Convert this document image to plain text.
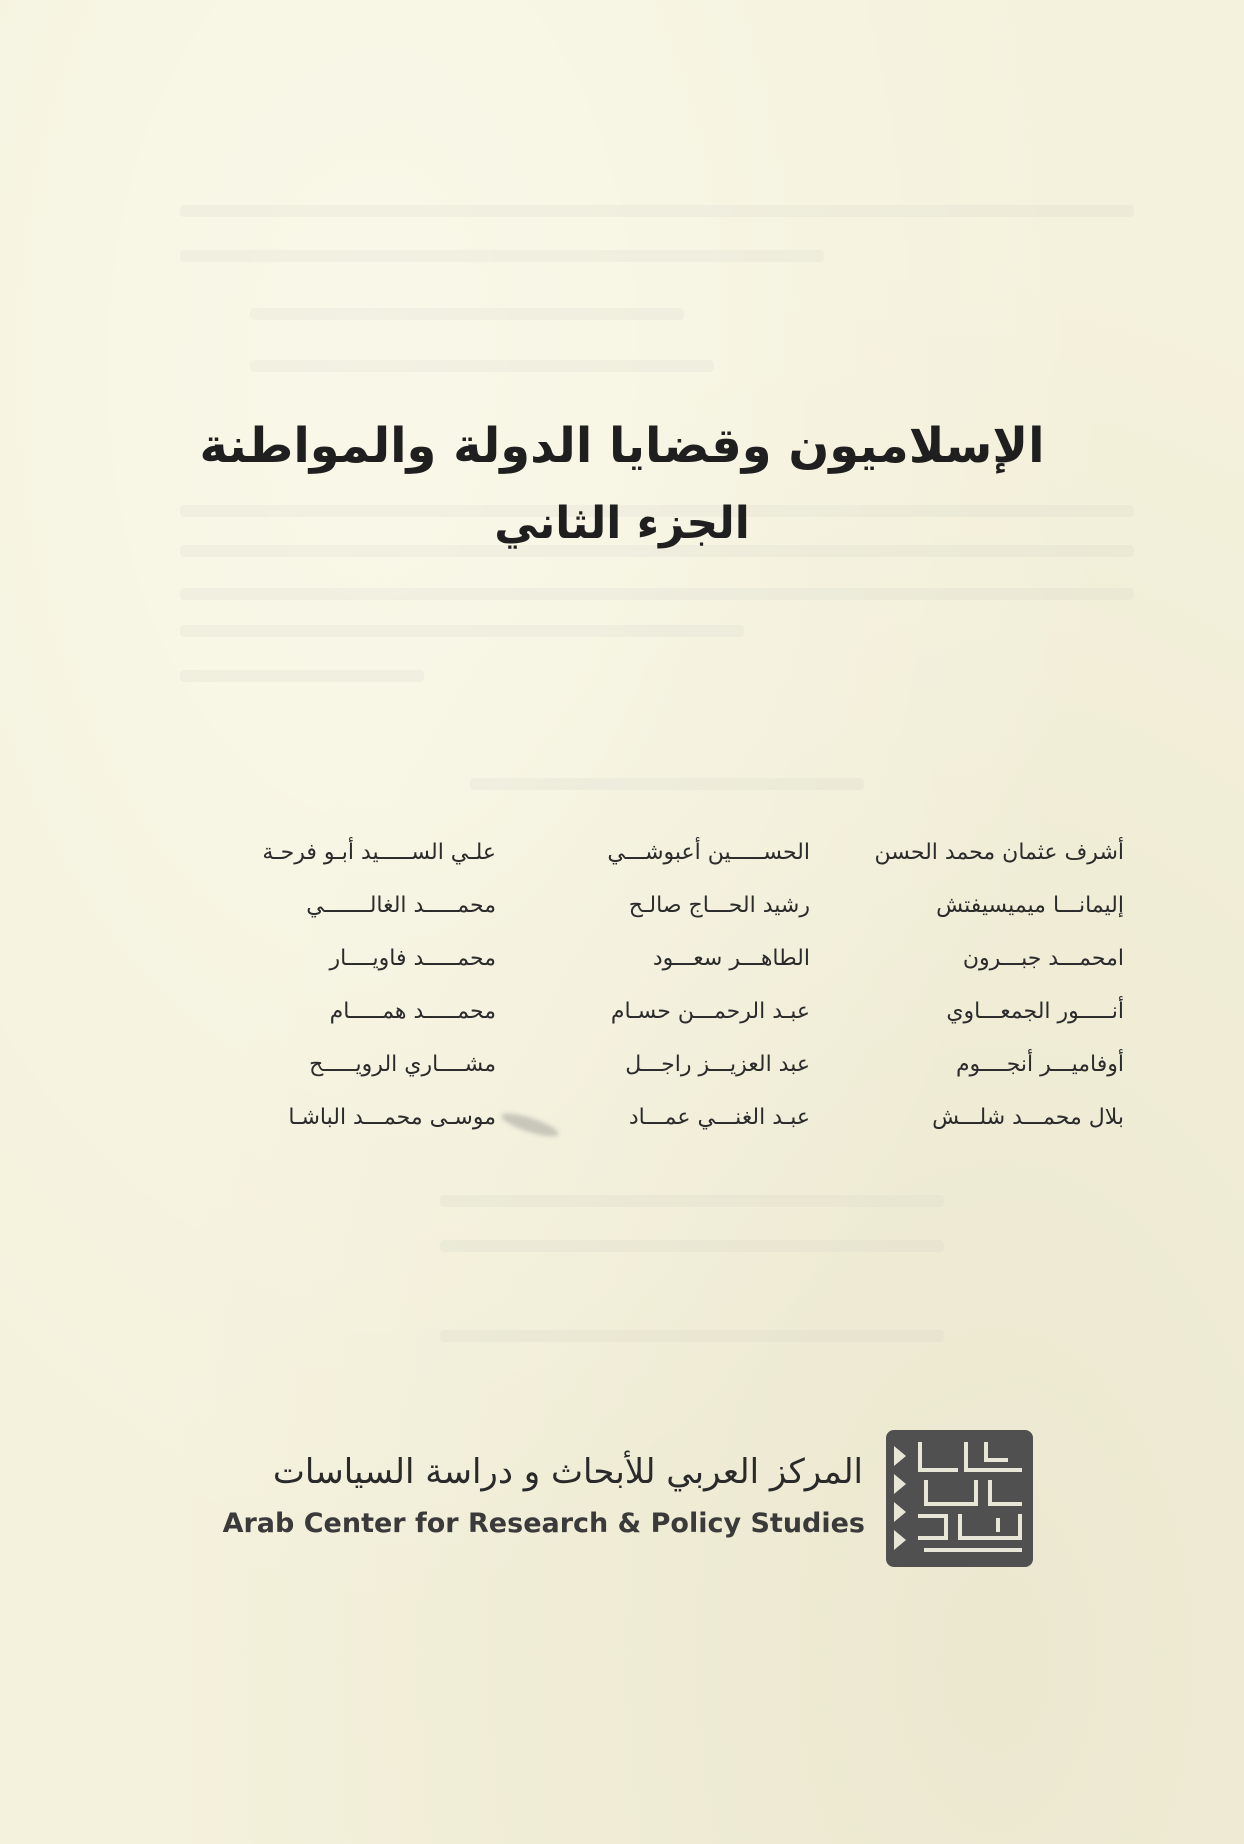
الإسلاميون وقضايا الدولة والمواطنة
الجزء الثاني
أشرف عثمان محمد الحسن
الحســـــين أعبوشـــي
علـي الســـــيد أبـو فرحـة
إليمانـــا ميميسيفتش
رشيد الحـــاج صالـح
محمـــــد الغالـــــــي
امحمـــد جبـــرون
الطاهـــر سعـــود
محمـــــد فاويــــار
أنـــــور الجمعـــاوي
عبـد الرحمـــن حسـام
محمـــــد همـــــام
أوفاميـــر أنجــــوم
عبد العزيـــز راجـــل
مشــــاري الرويـــــح
بلال محمـــد شلـــش
عبـد الغنـــي عمـــاد
موسـى محمـــد الباشـا
المركز العربي للأبحاث و دراسة السياسات
Arab Center for Research & Policy Studies
